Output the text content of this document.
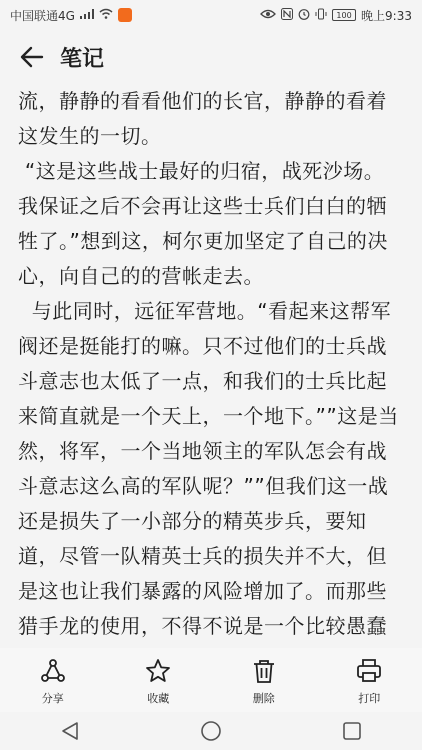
中国联通4G	100 晚上9:33
笔记

流，静静的看看他们的长官，静静的看着这发生的一切。
“这是这些战士最好的归宿，战死沙场。我保证之后不会再让这些士兵们白白的牺牲了。”想到这，柯尔更加坚定了自己的决心，向自己的的营帐走去。
与此同时，远征军营地。“看起来这帮军阀还是挺能打的嘛。只不过他们的士兵战斗意志也太低了一点，和我们的士兵比起来简直就是一个天上，一个地下。””这是当然，将军，一个当地领主的军队怎会有战斗意志这么高的军队呢？””但我们这一战还是损失了一小部分的精英步兵，要知道，尽管一队精英士兵的损失并不大，但是这也让我们暴露的风险增加了。而那些猎手龙的使用，不得不说是一个比较愚蠢

分享	收藏	删除	打印
